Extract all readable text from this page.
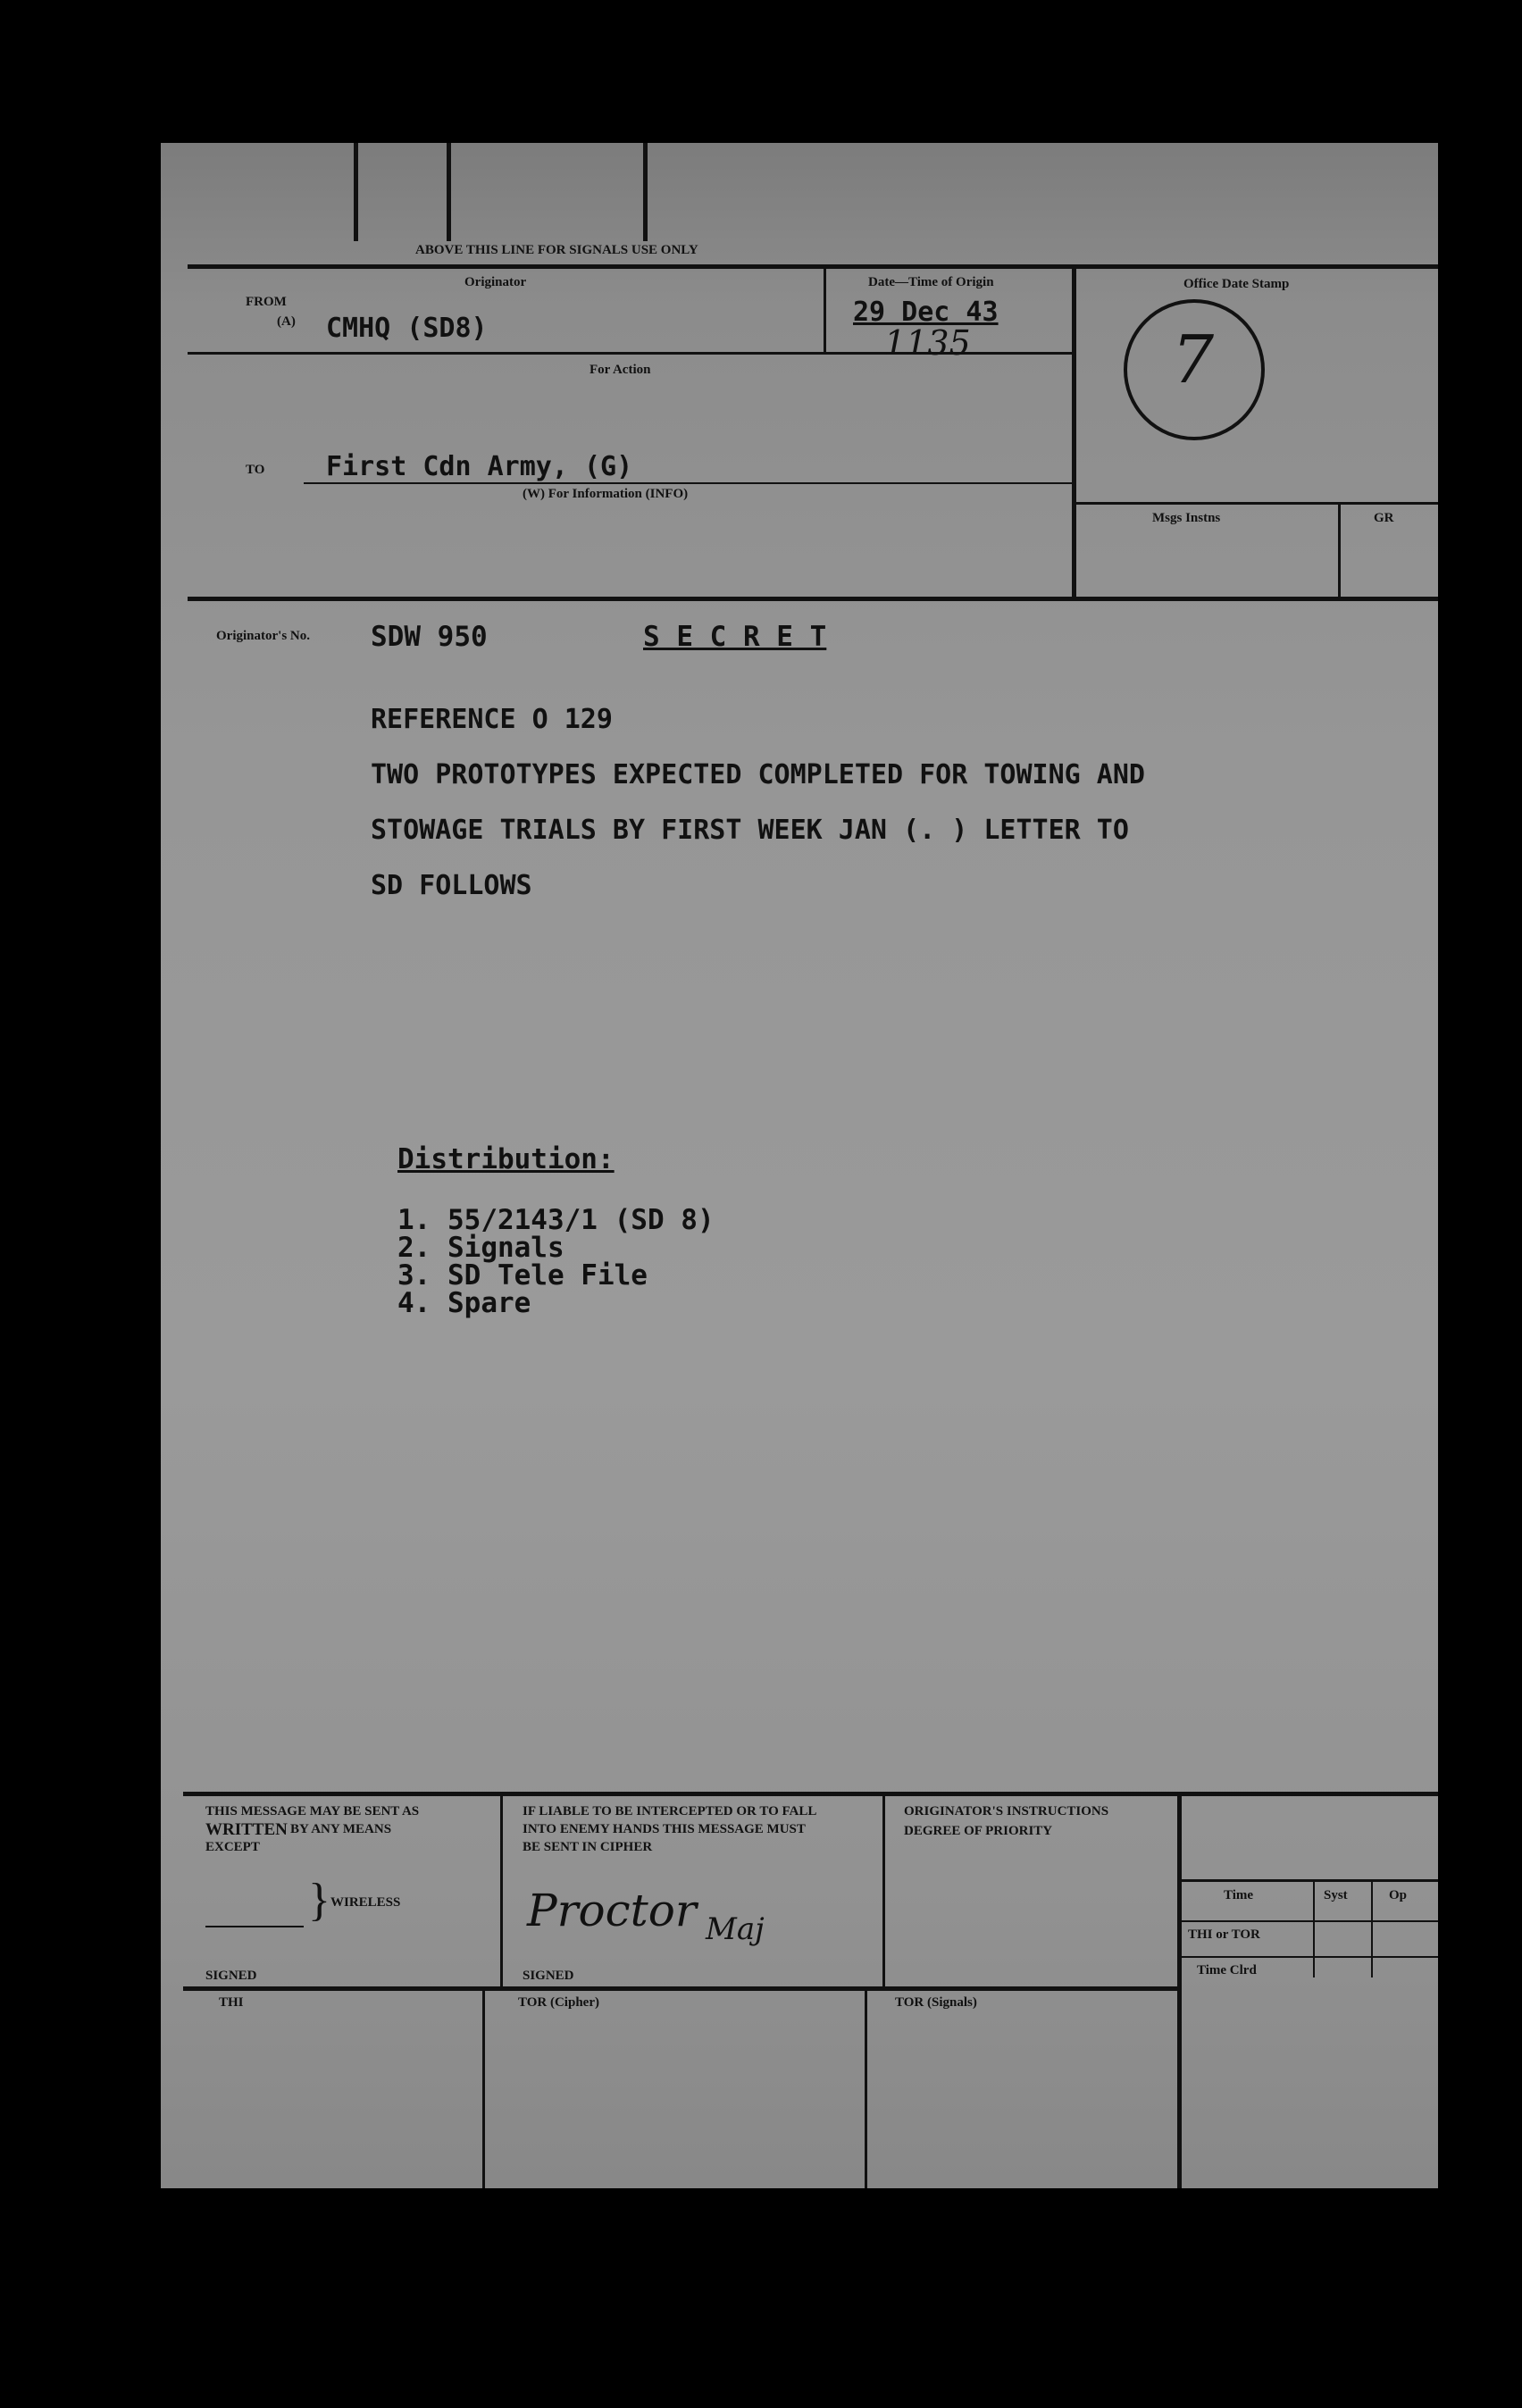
ABOVE THIS LINE FOR SIGNALS USE ONLY
FROM
(A)
Originator
CMHQ (SD8)
Date—Time of Origin
29 Dec 43
1135
Office Date Stamp
7
For Action
TO First Cdn Army, (G)
(W) For Information (INFO)
Msgs Instns	GR
Originator's No. SDW 950	S E C R E T
REFERENCE O 129
TWO PROTOTYPES EXPECTED COMPLETED FOR TOWING AND
STOWAGE TRIALS BY FIRST WEEK JAN (. ) LETTER TO
SD FOLLOWS
Distribution:
1. 55/2143/1 (SD 8)
2. Signals
3. SD Tele File
4. Spare
THIS MESSAGE MAY BE SENT AS
WRITTEN BY ANY MEANS
EXCEPT
} WIRELESS
SIGNED
IF LIABLE TO BE INTERCEPTED OR TO FALL
INTO ENEMY HANDS THIS MESSAGE MUST
BE SENT IN CIPHER
Proctor Maj
SIGNED
ORIGINATOR'S INSTRUCTIONS
DEGREE OF PRIORITY
Time	Syst	Op
THI or TOR
Time Clrd
THI	TOR (Cipher)	TOR (Signals)
